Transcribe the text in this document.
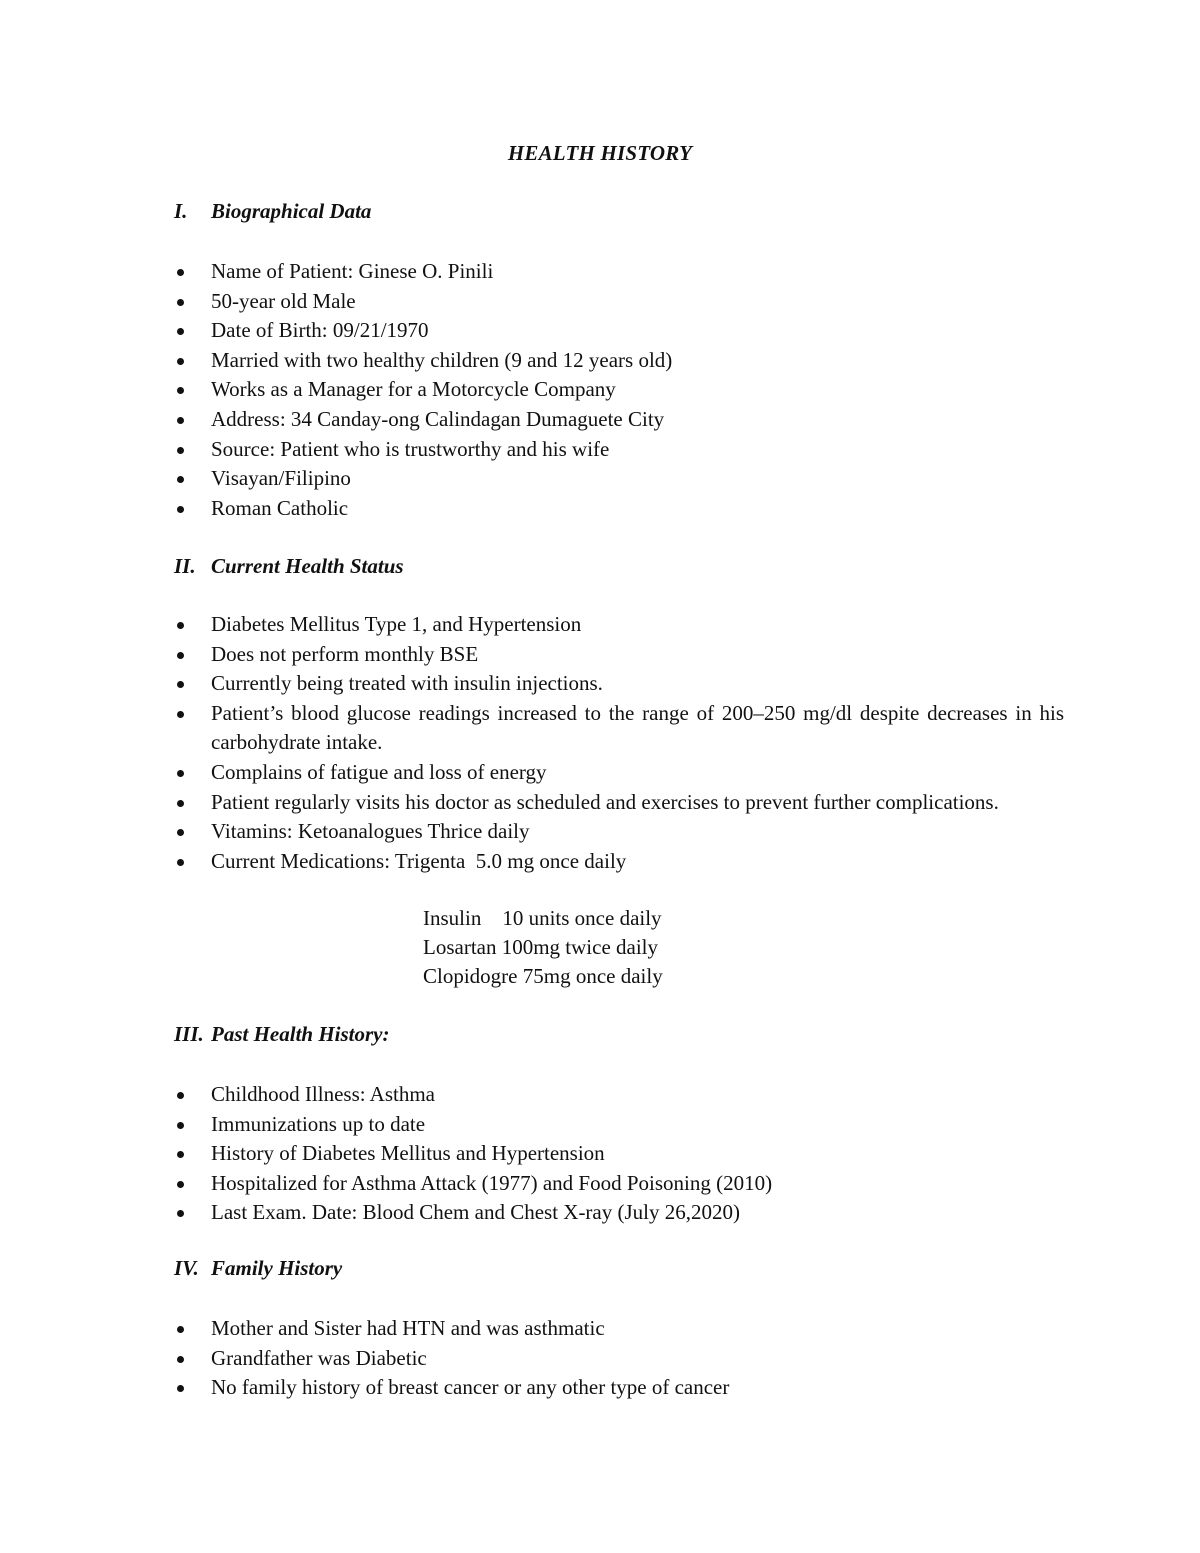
HEALTH HISTORY
I. Biographical Data
Name of Patient: Ginese O. Pinili
50-year old Male
Date of Birth: 09/21/1970
Married with two healthy children (9 and 12 years old)
Works as a Manager for a Motorcycle Company
Address: 34 Canday-ong Calindagan Dumaguete City
Source: Patient who is trustworthy and his wife
Visayan/Filipino
Roman Catholic
II. Current Health Status
Diabetes Mellitus Type 1, and Hypertension
Does not perform monthly BSE
Currently being treated with insulin injections.
Patient’s blood glucose readings increased to the range of 200–250 mg/dl despite decreases in his carbohydrate intake.
Complains of fatigue and loss of energy
Patient regularly visits his doctor as scheduled and exercises to prevent further complications.
Vitamins: Ketoanalogues Thrice daily
Current Medications: Trigenta  5.0 mg once daily
Insulin    10 units once daily
Losartan 100mg twice daily
Clopidogre 75mg once daily
III. Past Health History:
Childhood Illness: Asthma
Immunizations up to date
History of Diabetes Mellitus and Hypertension
Hospitalized for Asthma Attack (1977) and Food Poisoning (2010)
Last Exam. Date: Blood Chem and Chest X-ray (July 26,2020)
IV. Family History
Mother and Sister had HTN and was asthmatic
Grandfather was Diabetic
No family history of breast cancer or any other type of cancer
